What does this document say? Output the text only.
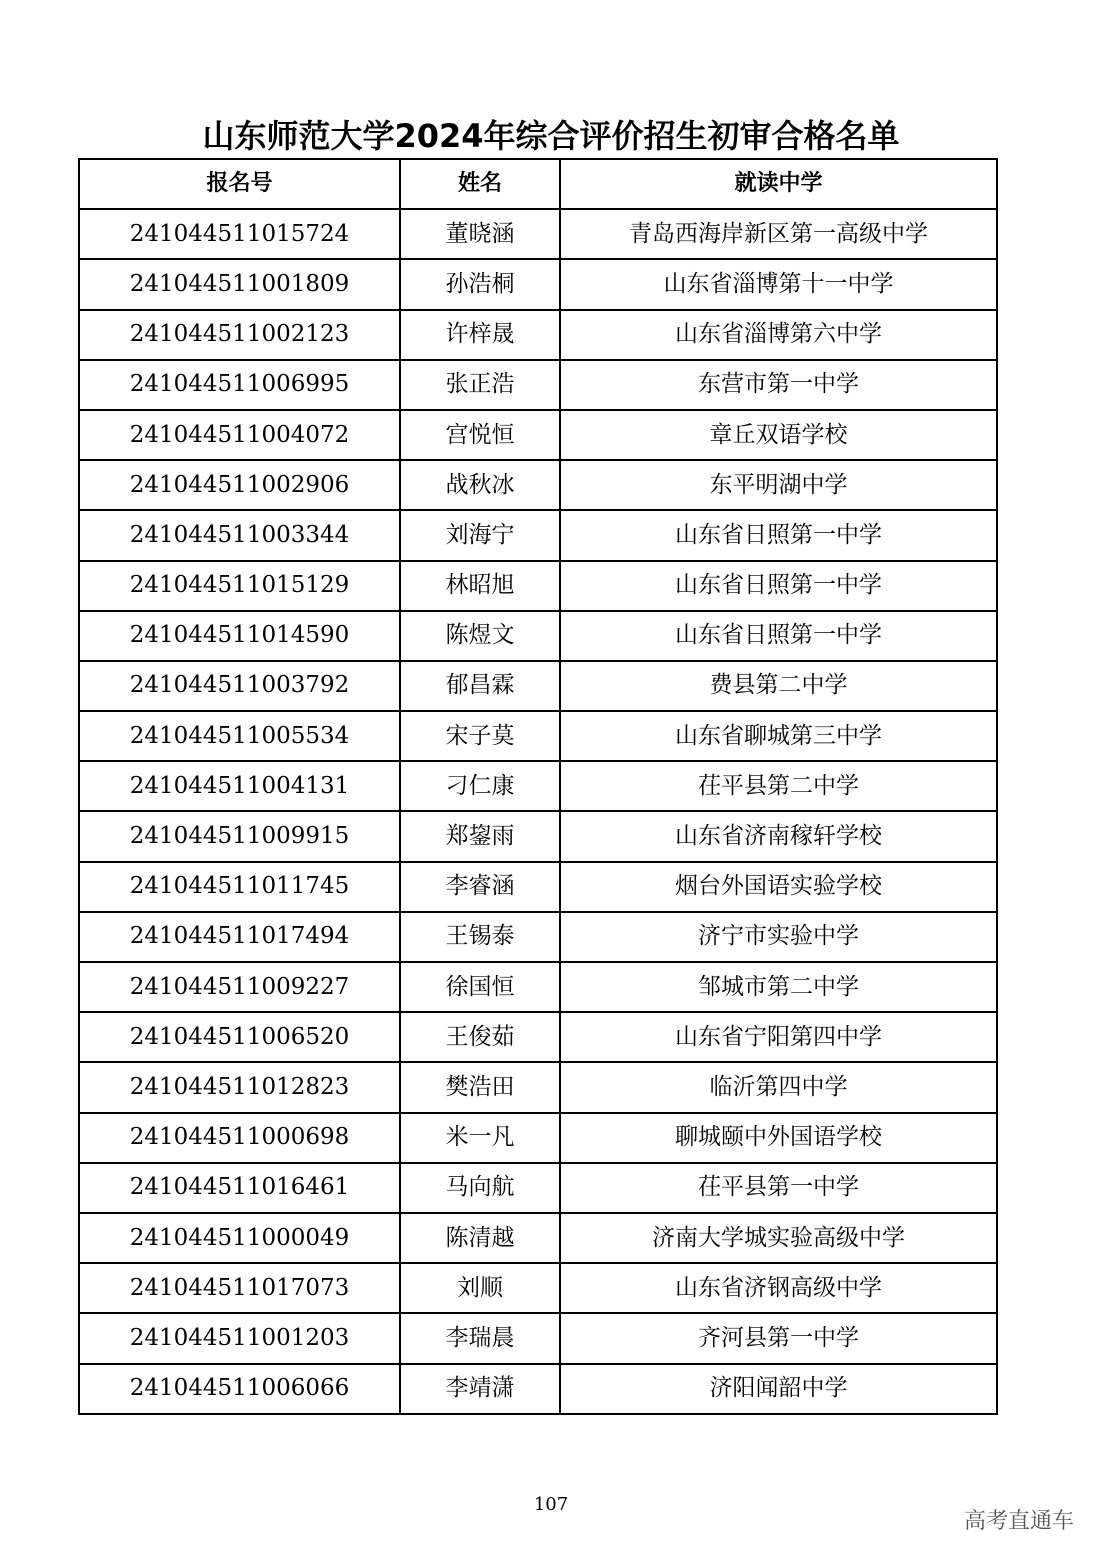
山东师范大学2024年综合评价招生初审合格名单
报名号	姓名	就读中学
241044511015724	董晓涵	青岛西海岸新区第一高级中学
241044511001809	孙浩桐	山东省淄博第十一中学
241044511002123	许梓晟	山东省淄博第六中学
241044511006995	张正浩	东营市第一中学
241044511004072	宫悦恒	章丘双语学校
241044511002906	战秋冰	东平明湖中学
241044511003344	刘海宁	山东省日照第一中学
241044511015129	林昭旭	山东省日照第一中学
241044511014590	陈煜文	山东省日照第一中学
241044511003792	郁昌霖	费县第二中学
241044511005534	宋子莫	山东省聊城第三中学
241044511004131	刁仁康	茌平县第二中学
241044511009915	郑鋆雨	山东省济南稼轩学校
241044511011745	李睿涵	烟台外国语实验学校
241044511017494	王锡泰	济宁市实验中学
241044511009227	徐国恒	邹城市第二中学
241044511006520	王俊茹	山东省宁阳第四中学
241044511012823	樊浩田	临沂第四中学
241044511000698	米一凡	聊城颐中外国语学校
241044511016461	马向航	茌平县第一中学
241044511000049	陈清越	济南大学城实验高级中学
241044511017073	刘顺	山东省济钢高级中学
241044511001203	李瑞晨	齐河县第一中学
241044511006066	李靖潇	济阳闻韶中学
107
高考直通车
